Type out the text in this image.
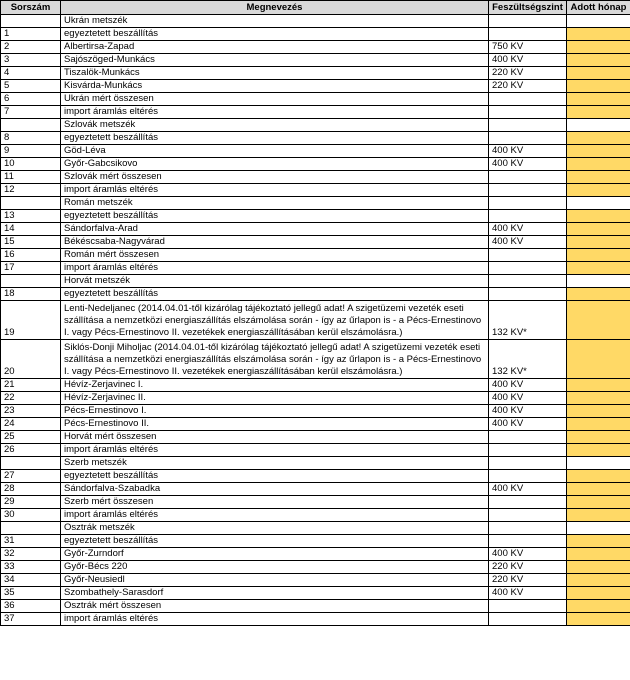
Sorszám	Megnevezés	Feszültségszint	Adott hónap
	Ukrán metszék		
1	egyeztetett beszállítás		
2	Albertirsa-Zapad	750 KV	
3	Sajószöged-Munkács	400 KV	
4	Tiszalök-Munkács	220 KV	
5	Kisvárda-Munkács	220 KV	
6	Ukrán mért összesen		
7	import áramlás eltérés		
	Szlovák metszék		
8	egyeztetett beszállítás		
9	Göd-Léva	400 KV	
10	Győr-Gabcsikovo	400 KV	
11	Szlovák mért összesen		
12	import áramlás eltérés		
	Román metszék		
13	egyeztetett beszállítás		
14	Sándorfalva-Arad	400 KV	
15	Békéscsaba-Nagyvárad	400 KV	
16	Román mért összesen		
17	import áramlás eltérés		
	Horvát metszék		
18	egyeztetett beszállítás		
19	Lenti-Nedeljanec (2014.04.01-től kizárólag tájékoztató jellegű adat! A szigetüzemi vezeték eseti szállítása a nemzetközi energiaszállítás elszámolása során - így az űrlapon is - a Pécs-Ernestinovo I. vagy Pécs-Ernestinovo II. vezetékek energiaszállításában kerül elszámolásra.)	132 KV*	
20	Siklós-Donji Miholjac (2014.04.01-től kizárólag tájékoztató jellegű adat! A szigetüzemi vezeték eseti szállítása a nemzetközi energiaszállítás elszámolása során - így az űrlapon is - a Pécs-Ernestinovo I. vagy Pécs-Ernestinovo II. vezetékek energiaszállításában kerül elszámolásra.)	132 KV*	
21	Hévíz-Zerjavinec I.	400 KV	
22	Hévíz-Zerjavinec II.	400 KV	
23	Pécs-Ernestinovo I.	400 KV	
24	Pécs-Ernestinovo II.	400 KV	
25	Horvát mért összesen		
26	import áramlás eltérés		
	Szerb metszék		
27	egyeztetett beszállítás		
28	Sándorfalva-Szabadka	400 KV	
29	Szerb mért összesen		
30	import áramlás eltérés		
	Osztrák metszék		
31	egyeztetett beszállítás		
32	Győr-Zurndorf	400 KV	
33	Győr-Bécs 220	220 KV	
34	Győr-Neusiedl	220 KV	
35	Szombathely-Sarasdorf	400 KV	
36	Osztrák mért összesen		
37	import áramlás eltérés		
